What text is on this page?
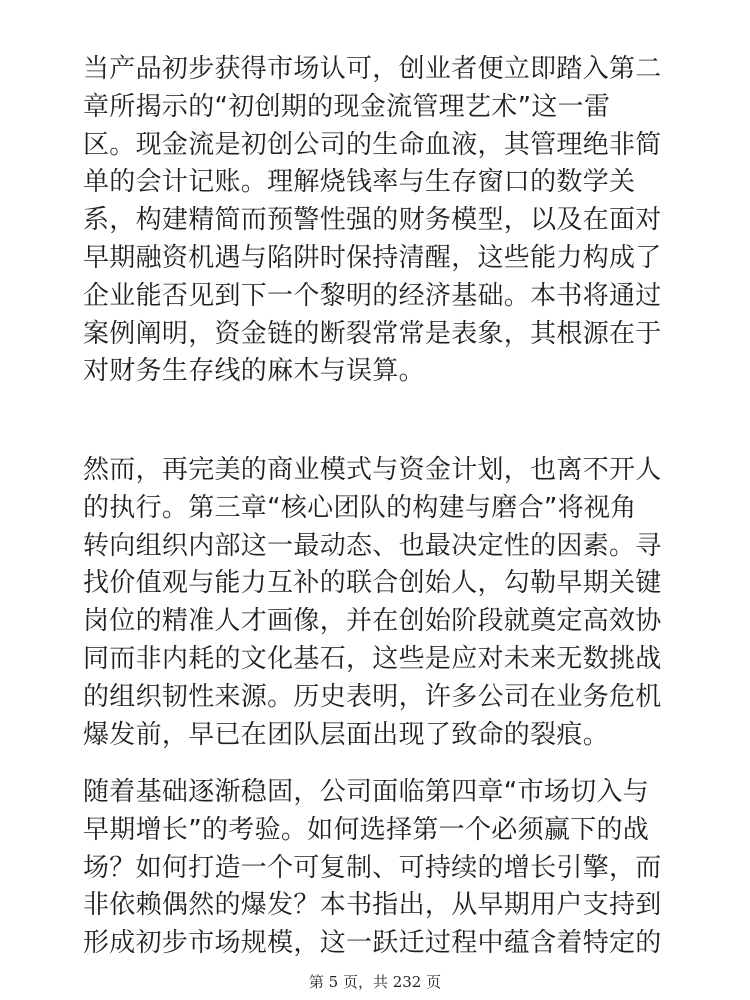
当产品初步获得市场认可，创业者便立即踏入第二
章所揭示的“初创期的现金流管理艺术”这一雷
区。现金流是初创公司的生命血液，其管理绝非简
单的会计记账。理解烧钱率与生存窗口的数学关
系，构建精简而预警性强的财务模型，以及在面对
早期融资机遇与陷阱时保持清醒，这些能力构成了
企业能否见到下一个黎明的经济基础。本书将通过
案例阐明，资金链的断裂常常是表象，其根源在于
对财务生存线的麻木与误算。
然而，再完美的商业模式与资金计划，也离不开人
的执行。第三章“核心团队的构建与磨合”将视角
转向组织内部这一最动态、也最决定性的因素。寻
找价值观与能力互补的联合创始人，勾勒早期关键
岗位的精准人才画像，并在创始阶段就奠定高效协
同而非内耗的文化基石，这些是应对未来无数挑战
的组织韧性来源。历史表明，许多公司在业务危机
爆发前，早已在团队层面出现了致命的裂痕。
随着基础逐渐稳固，公司面临第四章“市场切入与
早期增长”的考验。如何选择第一个必须赢下的战
场？如何打造一个可复制、可持续的增长引擎，而
非依赖偶然的爆发？本书指出，从早期用户支持到
形成初步市场规模，这一跃迁过程中蕴含着特定的
第 5 页，共 232 页
